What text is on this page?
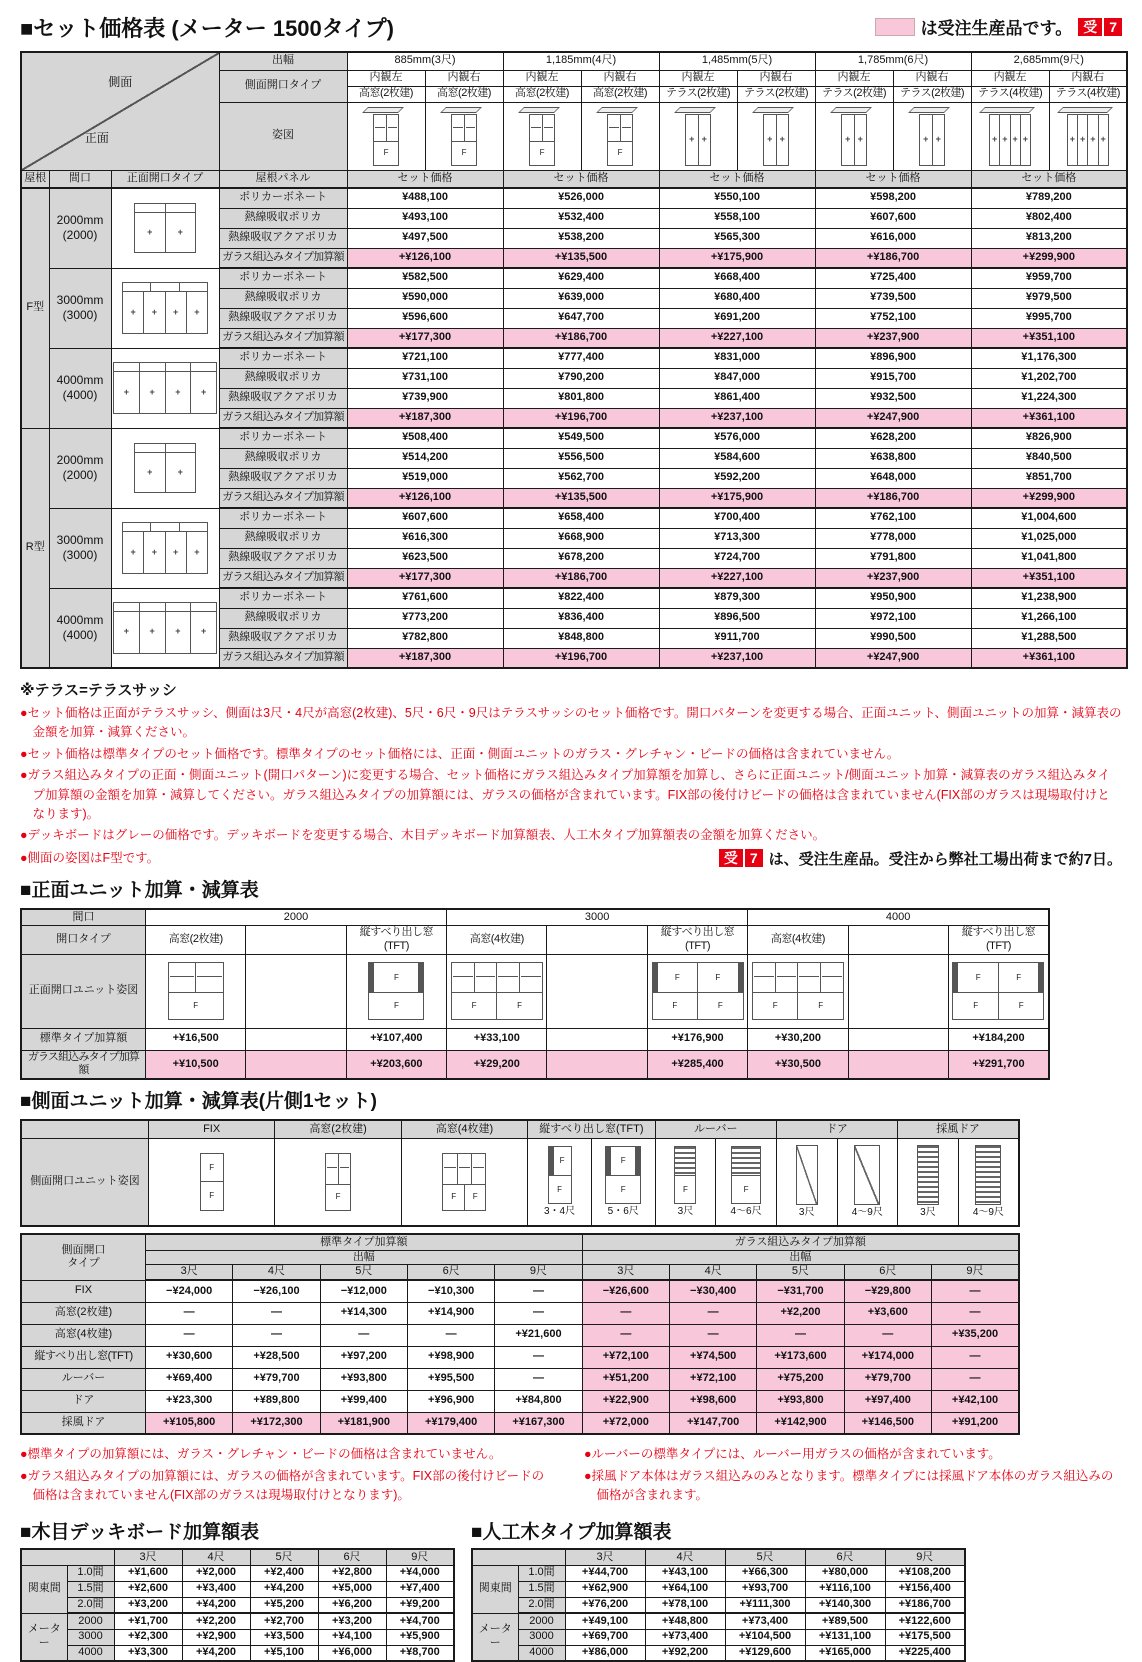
■セット価格表 (メーター 1500タイプ)	は受注生産品です。 受 7
側面
正面			出幅	885mm(3尺)		1,185mm(4尺)		1,485mm(5尺)		1,785mm(6尺)		2,685mm(9尺)	
			側面開口タイプ	内観左	内観右	内観左	内観右	内観左	内観右	内観左	内観右	内観左	内観右
				高窓(2枚建)	高窓(2枚建)	高窓(2枚建)	高窓(2枚建)	テラス(2枚建)	テラス(2枚建)	テラス(2枚建)	テラス(2枚建)	テラス(4枚建)	テラス(4枚建)
			姿図	F	F	F	F

+
+

+
+

+
+

+
+

+
+
+
+

+
+
+
+

屋根	間口	正面開口タイプ	屋根パネル	セット価格		セット価格		セット価格		セット価格		セット価格	
F型	2000mm
(2000)

+
+	ポリカーボネート	¥488,100		¥526,000		¥550,100		¥598,200		¥789,200	
			熱線吸収ポリカ	¥493,100		¥532,400		¥558,100		¥607,600		¥802,400	
			熱線吸収アクアポリカ	¥497,500		¥538,200		¥565,300		¥616,000		¥813,200	
			ガラス組込みタイプ加算額	+¥126,100		+¥135,500		+¥175,900		+¥186,700		+¥299,900	

	3000mm
(3000)

+
+
+
+	ポリカーボネート	¥582,500		¥629,400		¥668,400		¥725,400		¥959,700	
			熱線吸収ポリカ	¥590,000		¥639,000		¥680,400		¥739,500		¥979,500	
			熱線吸収アクアポリカ	¥596,600		¥647,700		¥691,200		¥752,100		¥995,700	
			ガラス組込みタイプ加算額	+¥177,300		+¥186,700		+¥227,100		+¥237,900		+¥351,100	

	4000mm
(4000)

+
+
+
+	ポリカーボネート	¥721,100		¥777,400		¥831,000		¥896,900		¥1,176,300	
			熱線吸収ポリカ	¥731,100		¥790,200		¥847,000		¥915,700		¥1,202,700	
			熱線吸収アクアポリカ	¥739,900		¥801,800		¥861,400		¥932,500		¥1,224,300	
			ガラス組込みタイプ加算額	+¥187,300		+¥196,700		+¥237,100		+¥247,900		+¥361,100	
R型	2000mm
(2000)

+
+	ポリカーボネート	¥508,400		¥549,500		¥576,000		¥628,200		¥826,900	
			熱線吸収ポリカ	¥514,200		¥556,500		¥584,600		¥638,800		¥840,500	
			熱線吸収アクアポリカ	¥519,000		¥562,700		¥592,200		¥648,000		¥851,700	
			ガラス組込みタイプ加算額	+¥126,100		+¥135,500		+¥175,900		+¥186,700		+¥299,900	

	3000mm
(3000)

+
+
+
+	ポリカーボネート	¥607,600		¥658,400		¥700,400		¥762,100		¥1,004,600	
			熱線吸収ポリカ	¥616,300		¥668,900		¥713,300		¥778,000		¥1,025,000	
			熱線吸収アクアポリカ	¥623,500		¥678,200		¥724,700		¥791,800		¥1,041,800	
			ガラス組込みタイプ加算額	+¥177,300		+¥186,700		+¥227,100		+¥237,900		+¥351,100	

	4000mm
(4000)

+
+
+
+	ポリカーボネート	¥761,600		¥822,400		¥879,300		¥950,900		¥1,238,900	
			熱線吸収ポリカ	¥773,200		¥836,400		¥896,500		¥972,100		¥1,266,100	
			熱線吸収アクアポリカ	¥782,800		¥848,800		¥911,700		¥990,500		¥1,288,500	
			ガラス組込みタイプ加算額	+¥187,300		+¥196,700		+¥237,100		+¥247,900		+¥361,100	
※テラス=テラスサッシ
●セット価格は正面がテラスサッシ、側面は3尺・4尺が高窓(2枚建)、5尺・6尺・9尺はテラスサッシのセット価格です。開口パターンを変更する場合、正面ユニット、側面ユニットの加算・減算表の金額を加算・減算ください。
●セット価格は標準タイプのセット価格です。標準タイプのセット価格には、正面・側面ユニットのガラス・グレチャン・ビードの価格は含まれていません。
●ガラス組込みタイプの正面・側面ユニット(開口パターン)に変更する場合、セット価格にガラス組込みタイプ加算額を加算し、さらに正面ユニット/側面ユニット加算・減算表のガラス組込みタイプ加算額の金額を加算・減算してください。ガラス組込みタイプの加算額には、ガラスの価格が含まれています。FIX部の後付けビードの価格は含まれていません(FIX部のガラスは現場取付けとなります)。
●デッキボードはグレーの価格です。デッキボードを変更する場合、木目デッキボード加算額表、人工木タイプ加算額表の金額を加算ください。
●側面の姿図はF型です。	受 7 は、受注生産品。受注から弊社工場出荷まで約7日。
■正面ユニット加算・減算表
間口	2000			3000			4000		
開口タイプ	高窓(2枚建)		縦すべり出し窓(TFT)	高窓(4枚建)		縦すべり出し窓(TFT)	高窓(4枚建)		縦すべり出し窓(TFT)
正面開口ユニット姿図	
F

F
F	F	F

F	F
F	F	F	F

F	F
F	F

標準タイプ加算額	+¥16,500		+¥107,400	+¥33,100		+¥176,900	+¥30,200		+¥184,200
ガラス組込みタイプ加算額	+¥10,500		+¥203,600	+¥29,200		+¥285,400	+¥30,500		+¥291,700
■側面ユニット加算・減算表(片側1セット)
	FIX	高窓(2枚建)	高窓(4枚建)	縦すべり出し窓(TFT)		ルーバー		ドア		採風ドア	
側面開口ユニット姿図	
F
F	F	F	F

F
F
3・4尺

F
F
5・6尺

F
3尺

F
4〜6尺	3尺	4〜9尺	3尺	4〜9尺
側面開口
タイプ	標準タイプ加算額					ガラス組込みタイプ加算額				
	出幅					出幅				
	3尺	4尺	5尺	6尺	9尺	3尺	4尺	5尺	6尺	9尺
FIX	−¥24,000	−¥26,100	−¥12,000	−¥10,300	—	−¥26,600	−¥30,400	−¥31,700	−¥29,800	—
高窓(2枚建)	—	—	+¥14,300	+¥14,900	—	—	—	+¥2,200	+¥3,600	—
高窓(4枚建)	—	—	—	—	+¥21,600	—	—	—	—	+¥35,200
縦すべり出し窓(TFT)	+¥30,600	+¥28,500	+¥97,200	+¥98,900	—	+¥72,100	+¥74,500	+¥173,600	+¥174,000	—
ルーバー	+¥69,400	+¥79,700	+¥93,800	+¥95,500	—	+¥51,200	+¥72,100	+¥75,200	+¥79,700	—
ドア	+¥23,300	+¥89,800	+¥99,400	+¥96,900	+¥84,800	+¥22,900	+¥98,600	+¥93,800	+¥97,400	+¥42,100
採風ドア	+¥105,800	+¥172,300	+¥181,900	+¥179,400	+¥167,300	+¥72,000	+¥147,700	+¥142,900	+¥146,500	+¥91,200
●標準タイプの加算額には、ガラス・グレチャン・ビードの価格は含まれていません。
●ガラス組込みタイプの加算額には、ガラスの価格が含まれています。FIX部の後付けビードの価格は含まれていません(FIX部のガラスは現場取付けとなります)。
●ルーバーの標準タイプには、ルーバー用ガラスの価格が含まれています。
●採風ドア本体はガラス組込みのみとなります。標準タイプには採風ドア本体のガラス組込みの価格が含まれます。
■木目デッキボード加算額表
		3尺	4尺	5尺	6尺	9尺
関東間	1.0間	+¥1,600	+¥2,000	+¥2,400	+¥2,800	+¥4,000
	1.5間	+¥2,600	+¥3,400	+¥4,200	+¥5,000	+¥7,400
	2.0間	+¥3,200	+¥4,200	+¥5,200	+¥6,200	+¥9,200
メーター	2000	+¥1,700	+¥2,200	+¥2,700	+¥3,200	+¥4,700
	3000	+¥2,300	+¥2,900	+¥3,500	+¥4,100	+¥5,900
	4000	+¥3,300	+¥4,200	+¥5,100	+¥6,000	+¥8,700
■人工木タイプ加算額表
		3尺	4尺	5尺	6尺	9尺
関東間	1.0間	+¥44,700	+¥43,100	+¥66,300	+¥80,000	+¥108,200
	1.5間	+¥62,900	+¥64,100	+¥93,700	+¥116,100	+¥156,400
	2.0間	+¥76,200	+¥78,100	+¥111,300	+¥140,300	+¥186,700
メーター	2000	+¥49,100	+¥48,800	+¥73,400	+¥89,500	+¥122,600
	3000	+¥69,700	+¥73,400	+¥104,500	+¥131,100	+¥175,500
	4000	+¥86,000	+¥92,200	+¥129,600	+¥165,000	+¥225,400
